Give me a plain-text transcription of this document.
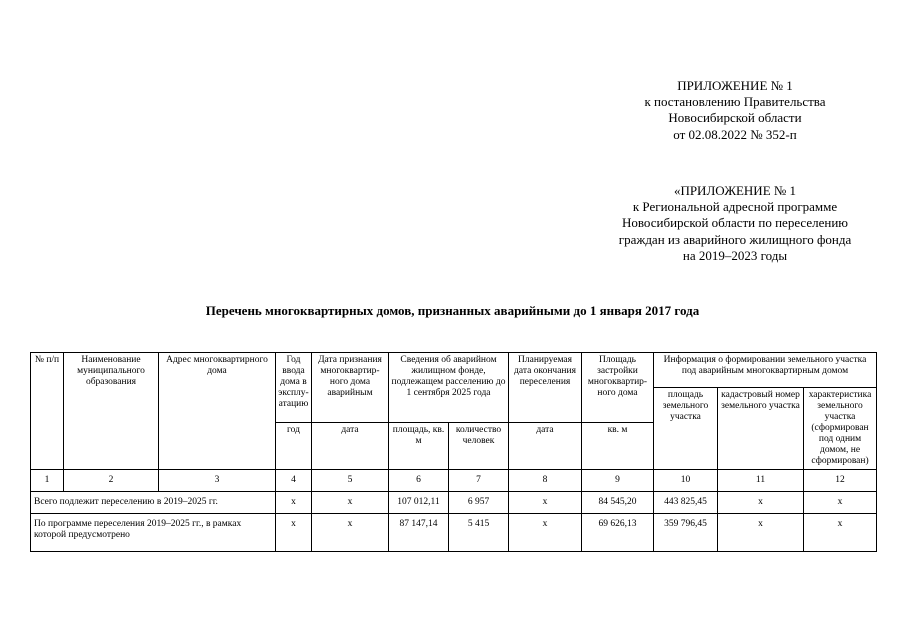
ПРИЛОЖЕНИЕ № 1
к постановлению Правительства
Новосибирской области
от 02.08.2022 № 352-п
«ПРИЛОЖЕНИЕ № 1
к Региональной адресной программе
Новосибирской области по переселению
граждан из аварийного жилищного фонда
на 2019–2023 годы
Перечень многоквартирных домов, признанных аварийными до 1 января 2017 года
№ п/п	Наименование муниципального образования	Адрес многоквартирного дома	Год ввода дома в эксплу-атацию	Дата признания многоквартир-ного дома аварийным	Сведения об аварийном жилищном фонде, подлежащем расселению до 1 сентября 2025 года		Планируемая дата окончания переселения	Площадь застройки многоквартир-ного дома	Информация о формировании земельного участка под аварийным многоквартирным домом		
									площадь земельного участка	кадастровый номер земельного участка	характеристика земельного участка (сформирован под одним домом, не сформирован)
			год	дата	площадь, кв. м	количество человек	дата	кв. м			
1	2	3	4	5	6	7	8	9	10	11	12
Всего подлежит переселению в 2019–2025 гг.			х	х	107 012,11	6 957	х	84 545,20	443 825,45	х	х
По программе переселения 2019–2025 гг., в рамках которой предусмотрено			х	х	87 147,14	5 415	х	69 626,13	359 796,45	х	х
